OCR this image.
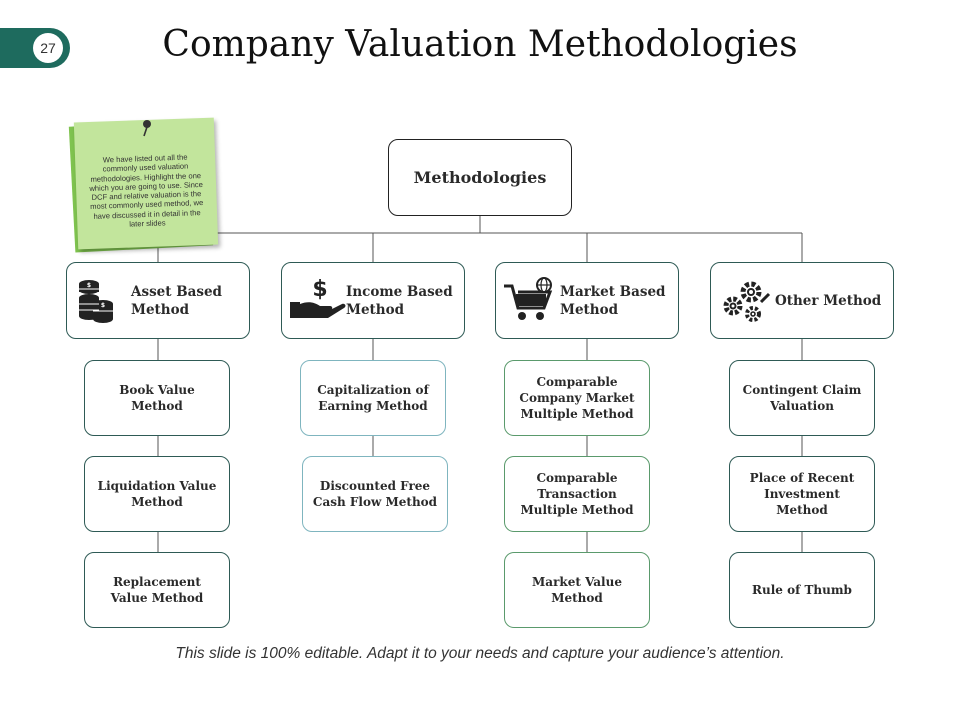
27	Company Valuation Methodologies
We have listed out all the commonly used valuation methodologies. Highlight the one which you are going to use. Since DCF and relative valuation is the most commonly used method, we have discussed it in detail in the later slides
Methodologies
$
$
Asset Based Method
$ Income Based Method
Market Based Method
Other Method
Book Value Method
Liquidation Value Method
Replacement Value Method
Capitalization of Earning Method
Discounted Free Cash Flow Method
Comparable Company Market Multiple Method
Comparable Transaction Multiple Method
Market Value Method
Contingent Claim Valuation
Place of Recent Investment Method
Rule of Thumb
This slide is 100% editable. Adapt it to your needs and capture your audience’s attention.
